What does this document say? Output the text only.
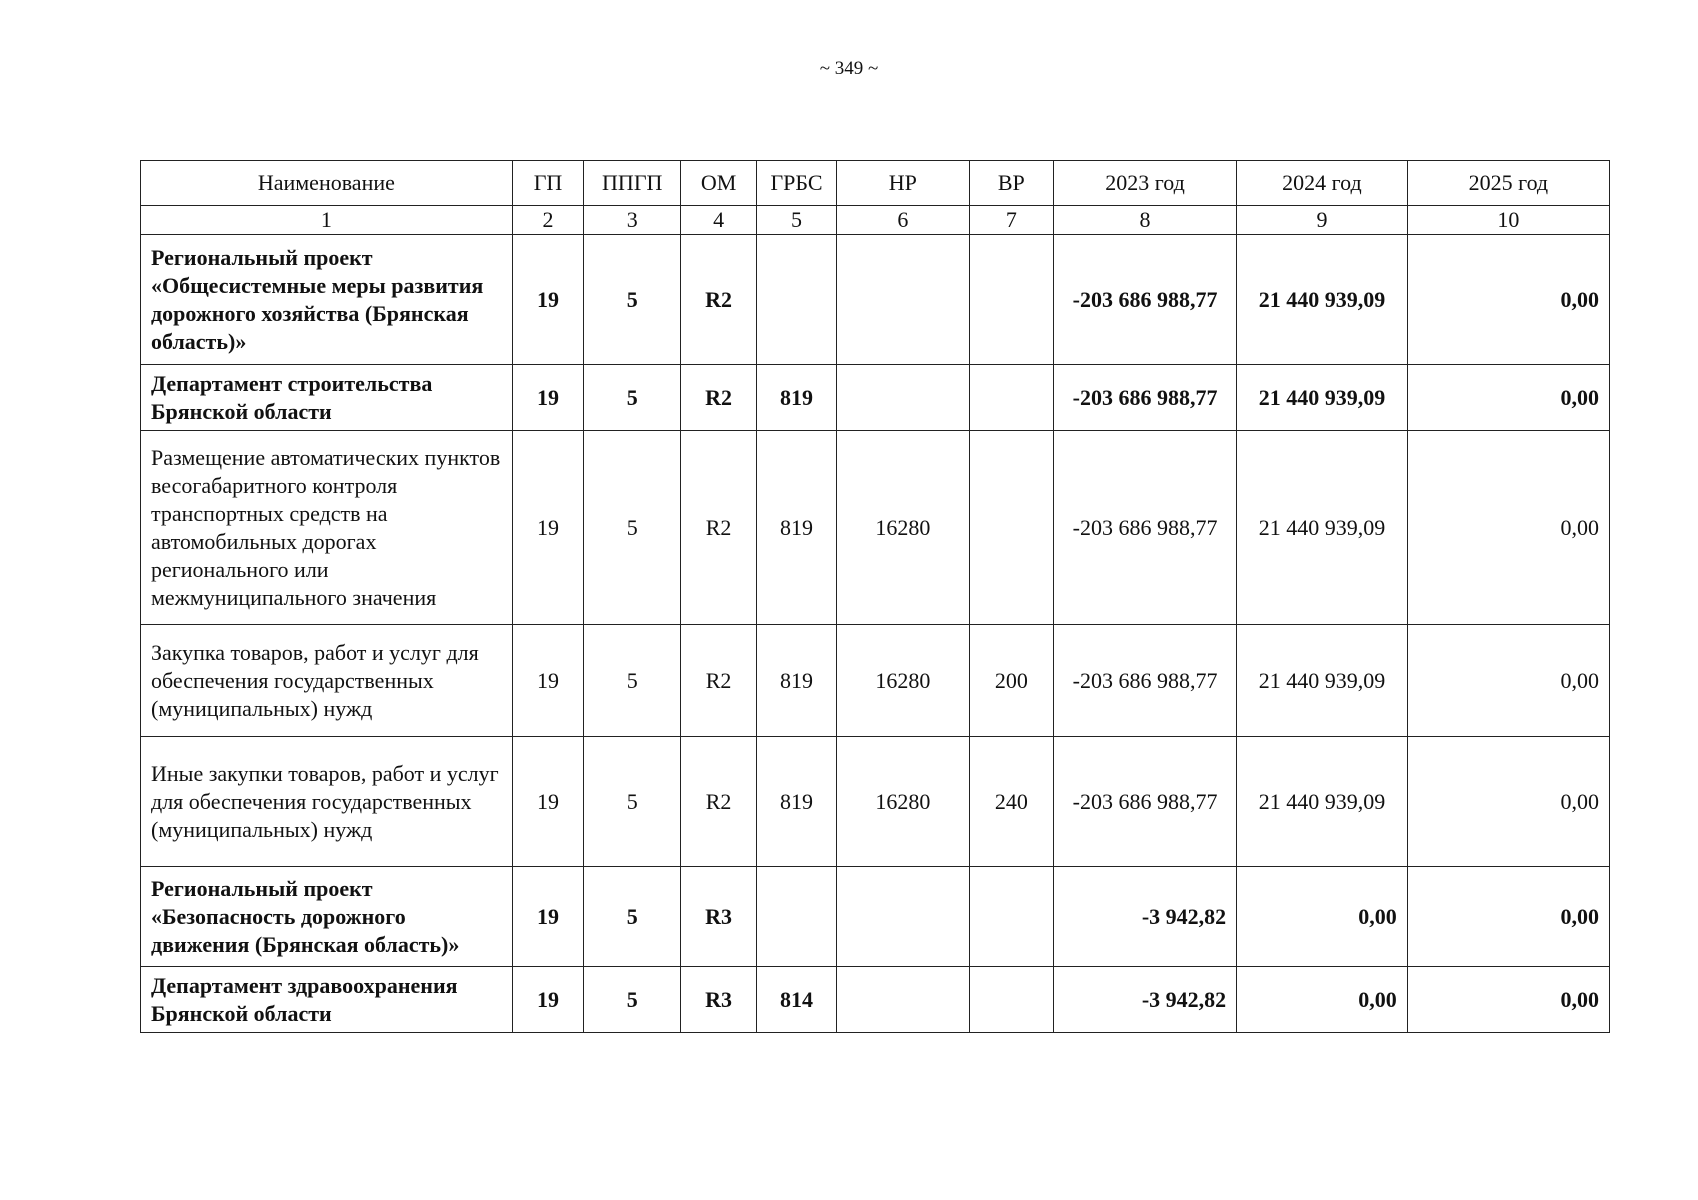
~ 349 ~
Наименование	ГП	ППГП	ОМ	ГРБС	НР	ВР	2023 год	2024 год	2025 год
1	2	3	4	5	6	7	8	9	10
Региональный проект «Общесистемные меры развития дорожного хозяйства (Брянская область)»	19	5	R2				-203 686 988,77	21 440 939,09	0,00
Департамент строительства Брянской области	19	5	R2	819			-203 686 988,77	21 440 939,09	0,00
Размещение автоматических пунктов весогабаритного контроля транспортных средств на автомобильных дорогах регионального или межмуниципального значения	19	5	R2	819	16280		-203 686 988,77	21 440 939,09	0,00
Закупка товаров, работ и услуг для обеспечения государственных (муниципальных) нужд	19	5	R2	819	16280	200	-203 686 988,77	21 440 939,09	0,00
Иные закупки товаров, работ и услуг для обеспечения государственных (муниципальных) нужд	19	5	R2	819	16280	240	-203 686 988,77	21 440 939,09	0,00
Региональный проект «Безопасность дорожного движения (Брянская область)»	19	5	R3				-3 942,82	0,00	0,00
Департамент здравоохранения Брянской области	19	5	R3	814			-3 942,82	0,00	0,00
